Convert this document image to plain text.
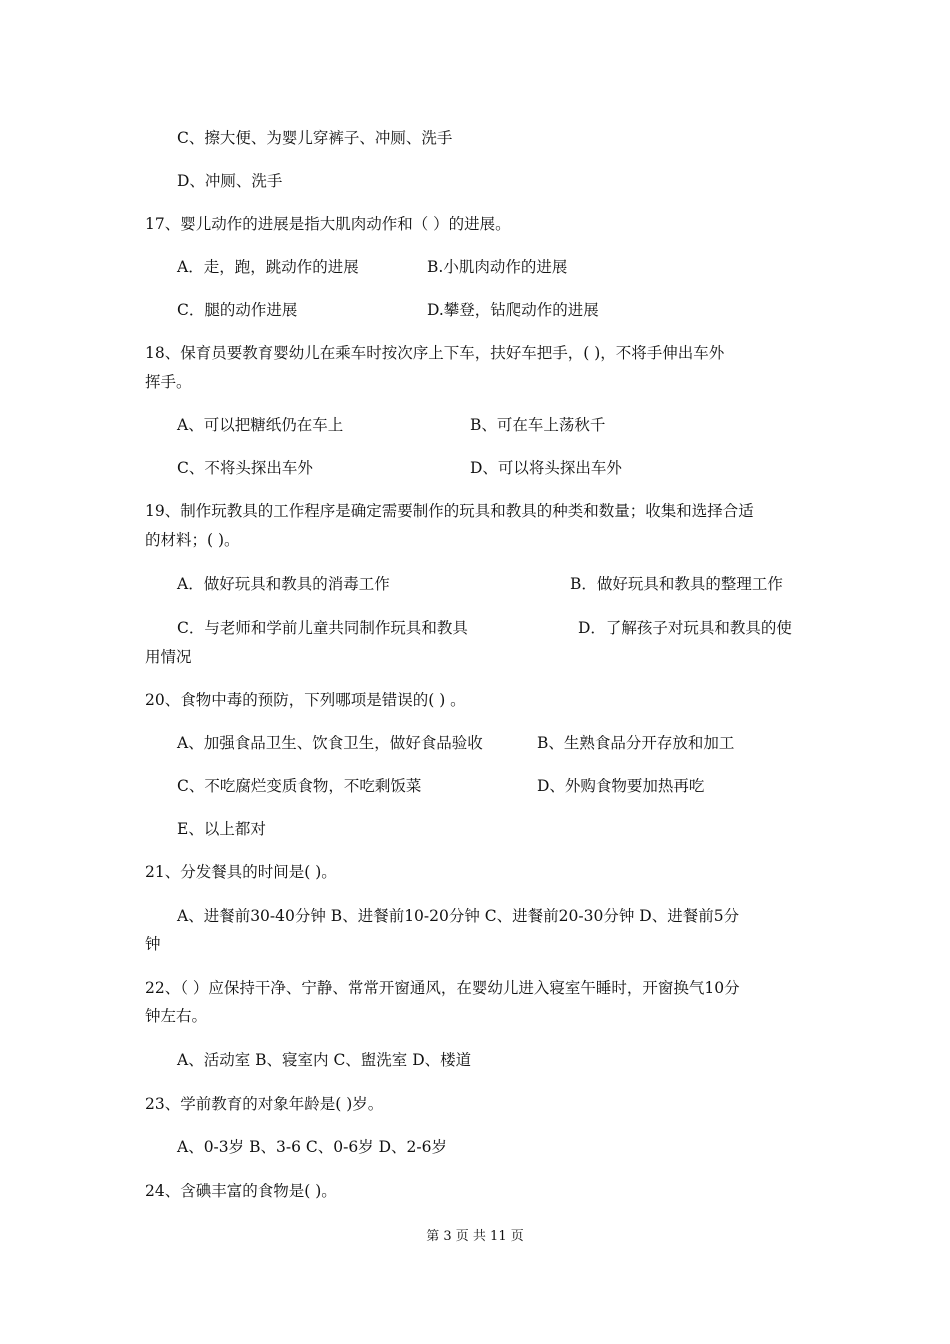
C、擦大便、为婴儿穿裤子、冲厕、洗手
D、冲厕、洗手
17、婴儿动作的进展是指大肌肉动作和（ ）的进展。
A．走，跑，跳动作的进展	B.小肌肉动作的进展
C．腿的动作进展	D.攀登，钻爬动作的进展
18、保育员要教育婴幼儿在乘车时按次序上下车，扶好车把手，( )，不将手伸出车外
挥手。
A、可以把糖纸仍在车上	B、可在车上荡秋千
C、不将头探出车外	D、可以将头探出车外
19、制作玩教具的工作程序是确定需要制作的玩具和教具的种类和数量；收集和选择合适
的材料；( )。
A．做好玩具和教具的消毒工作	B．做好玩具和教具的整理工作
C．与老师和学前儿童共同制作玩具和教具	D．了解孩子对玩具和教具的使
用情况
20、食物中毒的预防，下列哪项是错误的( ) 。
A、加强食品卫生、饮食卫生，做好食品验收	B、生熟食品分开存放和加工
C、不吃腐烂变质食物，不吃剩饭菜	D、外购食物要加热再吃
E、以上都对
21、分发餐具的时间是( )。
A、进餐前30-40分钟 B、进餐前10-20分钟 C、进餐前20-30分钟 D、进餐前5分
钟
22、（ ）应保持干净、宁静、常常开窗通风，在婴幼儿进入寝室午睡时，开窗换气10分
钟左右。
A、活动室 B、寝室内 C、盥洗室 D、楼道
23、学前教育的对象年龄是( )岁。
A、0-3岁 B、3-6 C、0-6岁 D、2-6岁
24、含碘丰富的食物是( )。
第 3 页 共 11 页
